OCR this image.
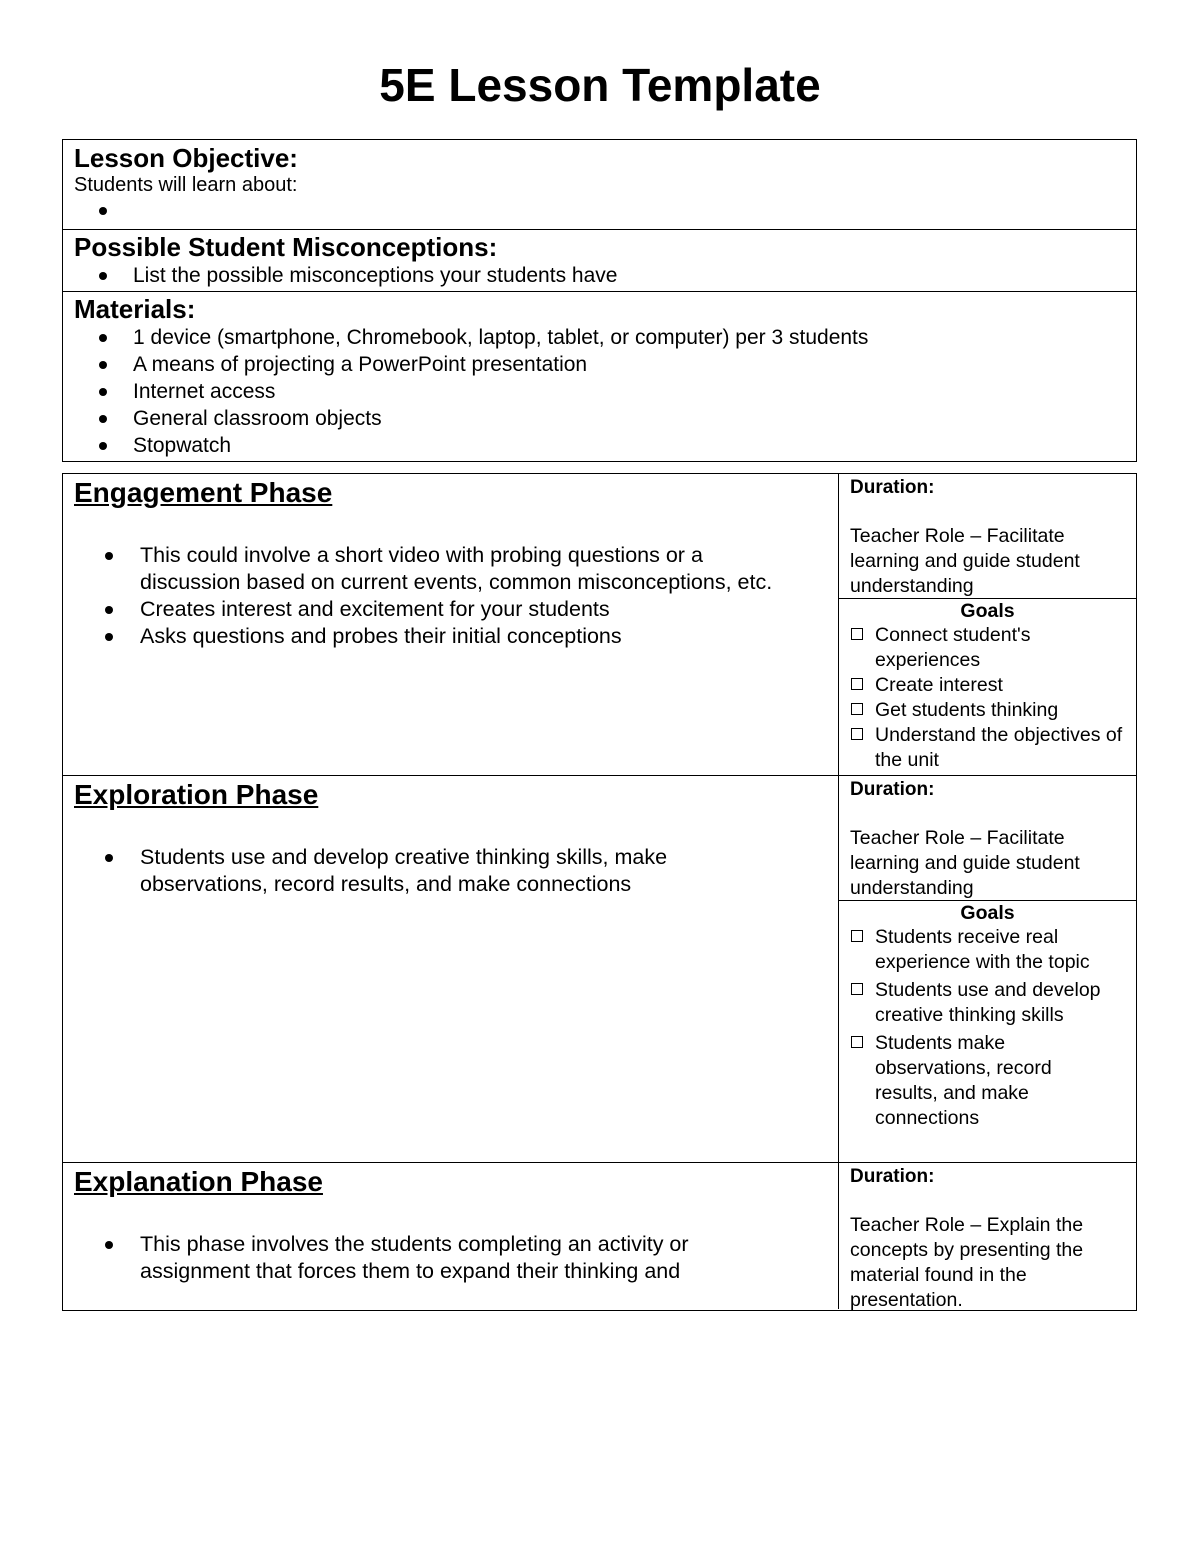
5E Lesson Template
Lesson Objective:
Students will learn about:
Possible Student Misconceptions:
List the possible misconceptions your students have
Materials:
1 device (smartphone, Chromebook, laptop, tablet, or computer) per 3 students
A means of projecting a PowerPoint presentation
Internet access
General classroom objects
Stopwatch
Engagement Phase
This could involve a short video with probing questions or a discussion based on current events, common misconceptions, etc.
Creates interest and excitement for your students
Asks questions and probes their initial conceptions
Duration:
Teacher Role – Facilitate learning and guide student understanding
Goals
Connect student's experiences
Create interest
Get students thinking
Understand the objectives of the unit
Exploration Phase
Students use and develop creative thinking skills, make observations, record results, and make connections
Duration:
Teacher Role – Facilitate learning and guide student understanding
Goals
Students receive real experience with the topic
Students use and develop creative thinking skills
Students make observations, record results, and make connections
Explanation Phase
This phase involves the students completing an activity or assignment that forces them to expand their thinking and
Duration:
Teacher Role – Explain the concepts by presenting the material found in the presentation.
